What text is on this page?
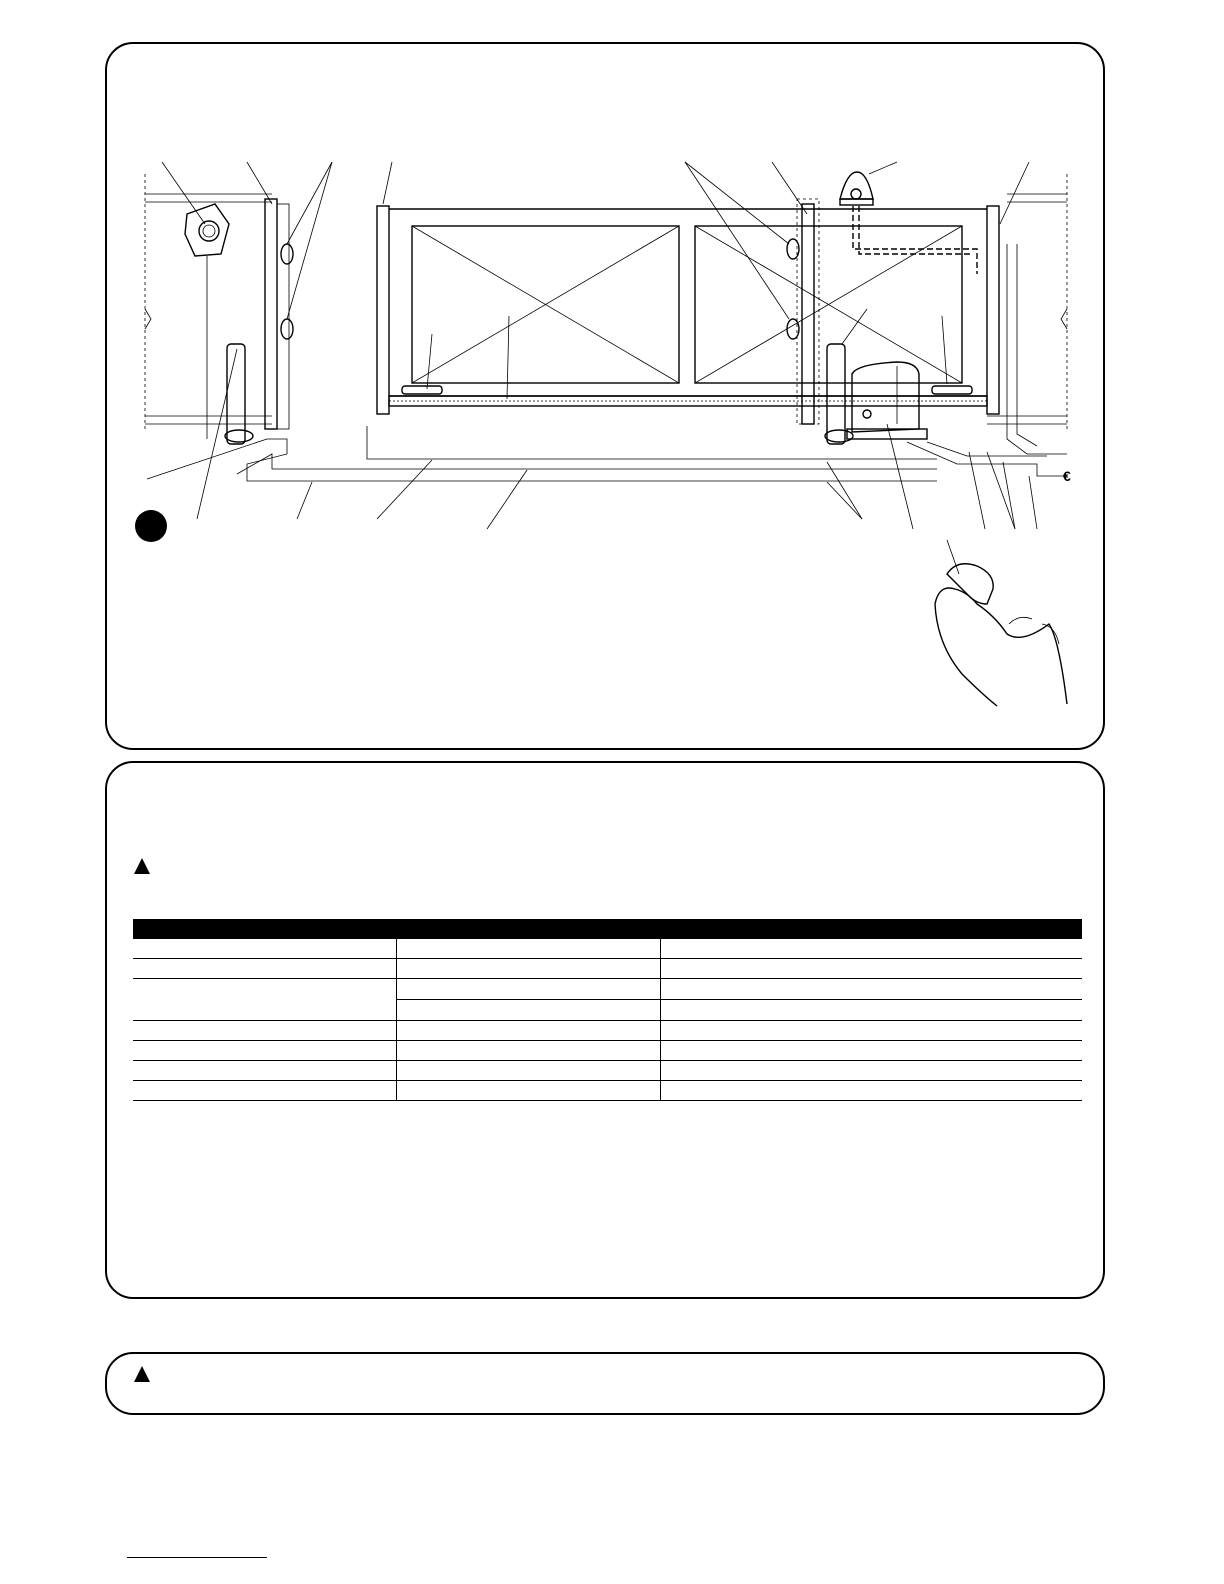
€
